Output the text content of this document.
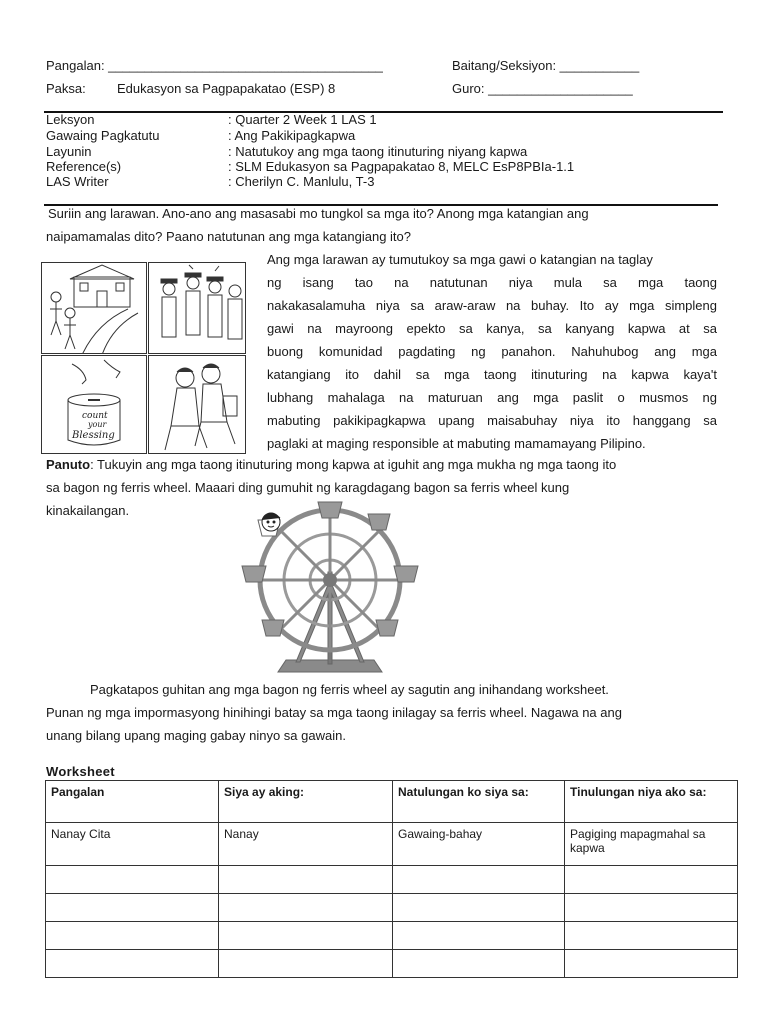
Pangalan: ______________________________________	Baitang/Seksiyon: ___________
Paksa: Edukasyon sa Pagpapakatao (ESP) 8	Guro: ____________________
Leksyon	: Quarter 2 Week 1 LAS 1
Gawaing Pagkatutu	: Ang Pakikipagkapwa
Layunin	: Natutukoy ang mga taong itinuturing niyang kapwa
Reference(s)	: SLM Edukasyon sa Pagpapakatao 8, MELC EsP8PBIa-1.1
LAS Writer	: Cherilyn C. Manlulu, T-3
Suriin ang larawan. Ano-ano ang masasabi mo tungkol sa mga ito? Anong mga katangian ang
naipamamalas dito? Paano natutunan ang mga katangiang ito?
count
your
Blessing
Ang mga larawan ay tumutukoy sa mga gawi o katangian na taglay
ng isang tao na natutunan niya mula sa mga taong
nakakasalamuha niya sa araw-araw na buhay. Ito ay mga simpleng
gawi na mayroong epekto sa kanya, sa kanyang kapwa at sa
buong komunidad pagdating ng panahon. Nahuhubog ang mga
katangiang ito dahil sa mga taong itinuturing na kapwa kaya't
lubhang mahalaga na maturuan ang mga paslit o musmos ng
mabuting pakikipagkapwa upang maisabuhay niya ito hanggang sa
paglaki at maging responsible at mabuting mamamayang Pilipino.
Panuto: Tukuyin ang mga taong itinuturing mong kapwa at iguhit ang mga mukha ng mga taong ito
sa bagon ng ferris wheel. Maaari ding gumuhit ng karagdagang bagon sa ferris wheel kung
kinakailangan.
Pagkatapos guhitan ang mga bagon ng ferris wheel ay sagutin ang inihandang worksheet.
Punan ng mga impormasyong hinihingi batay sa mga taong inilagay sa ferris wheel. Nagawa na ang
unang bilang upang maging gabay ninyo sa gawain.
Worksheet
Pangalan	Siya ay aking:	Natulungan ko siya sa:	Tinulungan niya ako sa:
Nanay Cita	Nanay	Gawaing-bahay	Pagiging mapagmahal sa kapwa
